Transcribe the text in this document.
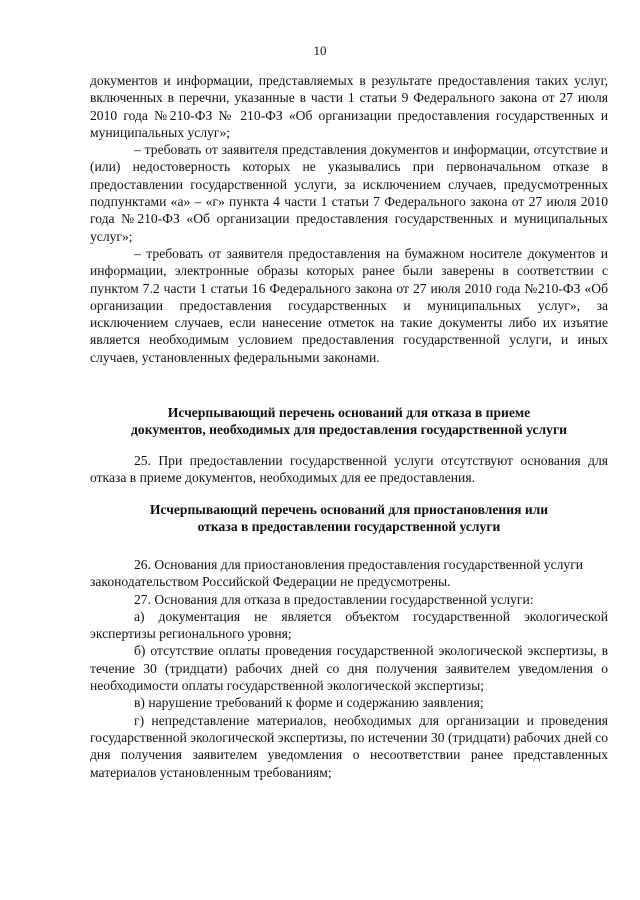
10

документов и информации, представляемых в результате предоставления таких услуг, включенных в перечни, указанные в части 1 статьи 9 Федерального закона от 27 июля 2010 года №210-ФЗ № 210-ФЗ «Об организации предоставления государственных и муниципальных услуг»;

– требовать от заявителя представления документов и информации, отсутствие и (или) недостоверность которых не указывались при первоначальном отказе в предоставлении государственной услуги, за исключением случаев, предусмотренных подпунктами «а» – «г» пункта 4 части 1 статьи 7 Федерального закона от 27 июля 2010 года №210-ФЗ «Об организации предоставления государственных и муниципальных услуг»;

– требовать от заявителя предоставления на бумажном носителе документов и информации, электронные образы которых ранее были заверены в соответствии с пунктом 7.2 части 1 статьи 16 Федерального закона от 27 июля 2010 года №210-ФЗ «Об организации предоставления государственных и муниципальных услуг», за исключением случаев, если нанесение отметок на такие документы либо их изъятие является необходимым условием предоставления государственной услуги, и иных случаев, установленных федеральными законами.

Исчерпывающий перечень оснований для отказа в приеме
документов, необходимых для предоставления государственной услуги

25. При предоставлении государственной услуги отсутствуют основания для отказа в приеме документов, необходимых для ее предоставления.

Исчерпывающий перечень оснований для приостановления или
отказа в предоставлении государственной услуги

26. Основания для приостановления предоставления государственной услуги

законодательством Российской Федерации не предусмотрены.

27. Основания для отказа в предоставлении государственной услуги:

а) документация не является объектом государственной экологической экспертизы регионального уровня;

б) отсутствие оплаты проведения государственной экологической экспертизы, в течение 30 (тридцати) рабочих дней со дня получения заявителем уведомления о необходимости оплаты государственной экологической экспертизы;

в) нарушение требований к форме и содержанию заявления;

г) непредставление материалов, необходимых для организации и проведения государственной экологической экспертизы, по истечении 30 (тридцати) рабочих дней со дня получения заявителем уведомления о несоответствии ранее представленных материалов установленным требованиям;
